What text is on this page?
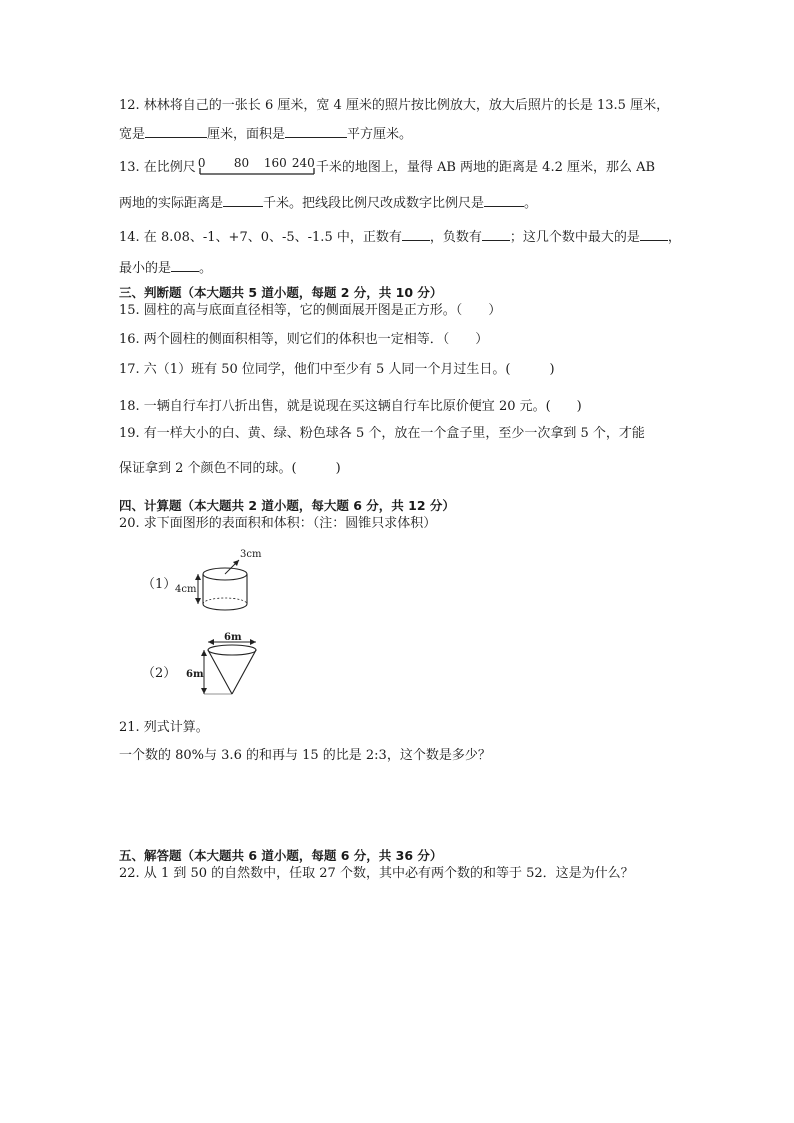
12. 林林将自己的一张长 6 厘米，宽 4 厘米的照片按比例放大，放大后照片的长是 13.5 厘米，
宽是	厘米，面积是	平方厘米。
13. 在比例尺 0 80 160 240 千米的地图上，量得 AB 两地的距离是 4.2 厘米，那么 AB
两地的实际距离是	千米。把线段比例尺改成数字比例尺是	。
14. 在 8.08、-1、+7、0、-5、-1.5 中，正数有 ，负数有 ；这几个数中最大的是 ，
最小的是 。
三、判断题（本大题共 5 道小题，每题 2 分，共 10 分）
15. 圆柱的高与底面直径相等，它的侧面展开图是正方形。（　　）
16. 两个圆柱的侧面积相等，则它们的体积也一定相等．（　　）
17. 六（1）班有 50 位同学，他们中至少有 5 人同一个月过生日。(　　　)
18. 一辆自行车打八折出售，就是说现在买这辆自行车比原价便宜 20 元。(　　)
19. 有一样大小的白、黄、绿、粉色球各 5 个，放在一个盒子里，至少一次拿到 5 个，才能
保证拿到 2 个颜色不同的球。(　　　)
四、计算题（本大题共 2 道小题，每大题 6 分，共 12 分）
20. 求下面图形的表面积和体积：（注：圆锥只求体积）
（1）
3cm
4cm
（2）
6m
6m
21. 列式计算。
一个数的 80%与 3.6 的和再与 15 的比是 2:3，这个数是多少？
五、解答题（本大题共 6 道小题，每题 6 分，共 36 分）
22. 从 1 到 50 的自然数中，任取 27 个数，其中必有两个数的和等于 52．这是为什么？
